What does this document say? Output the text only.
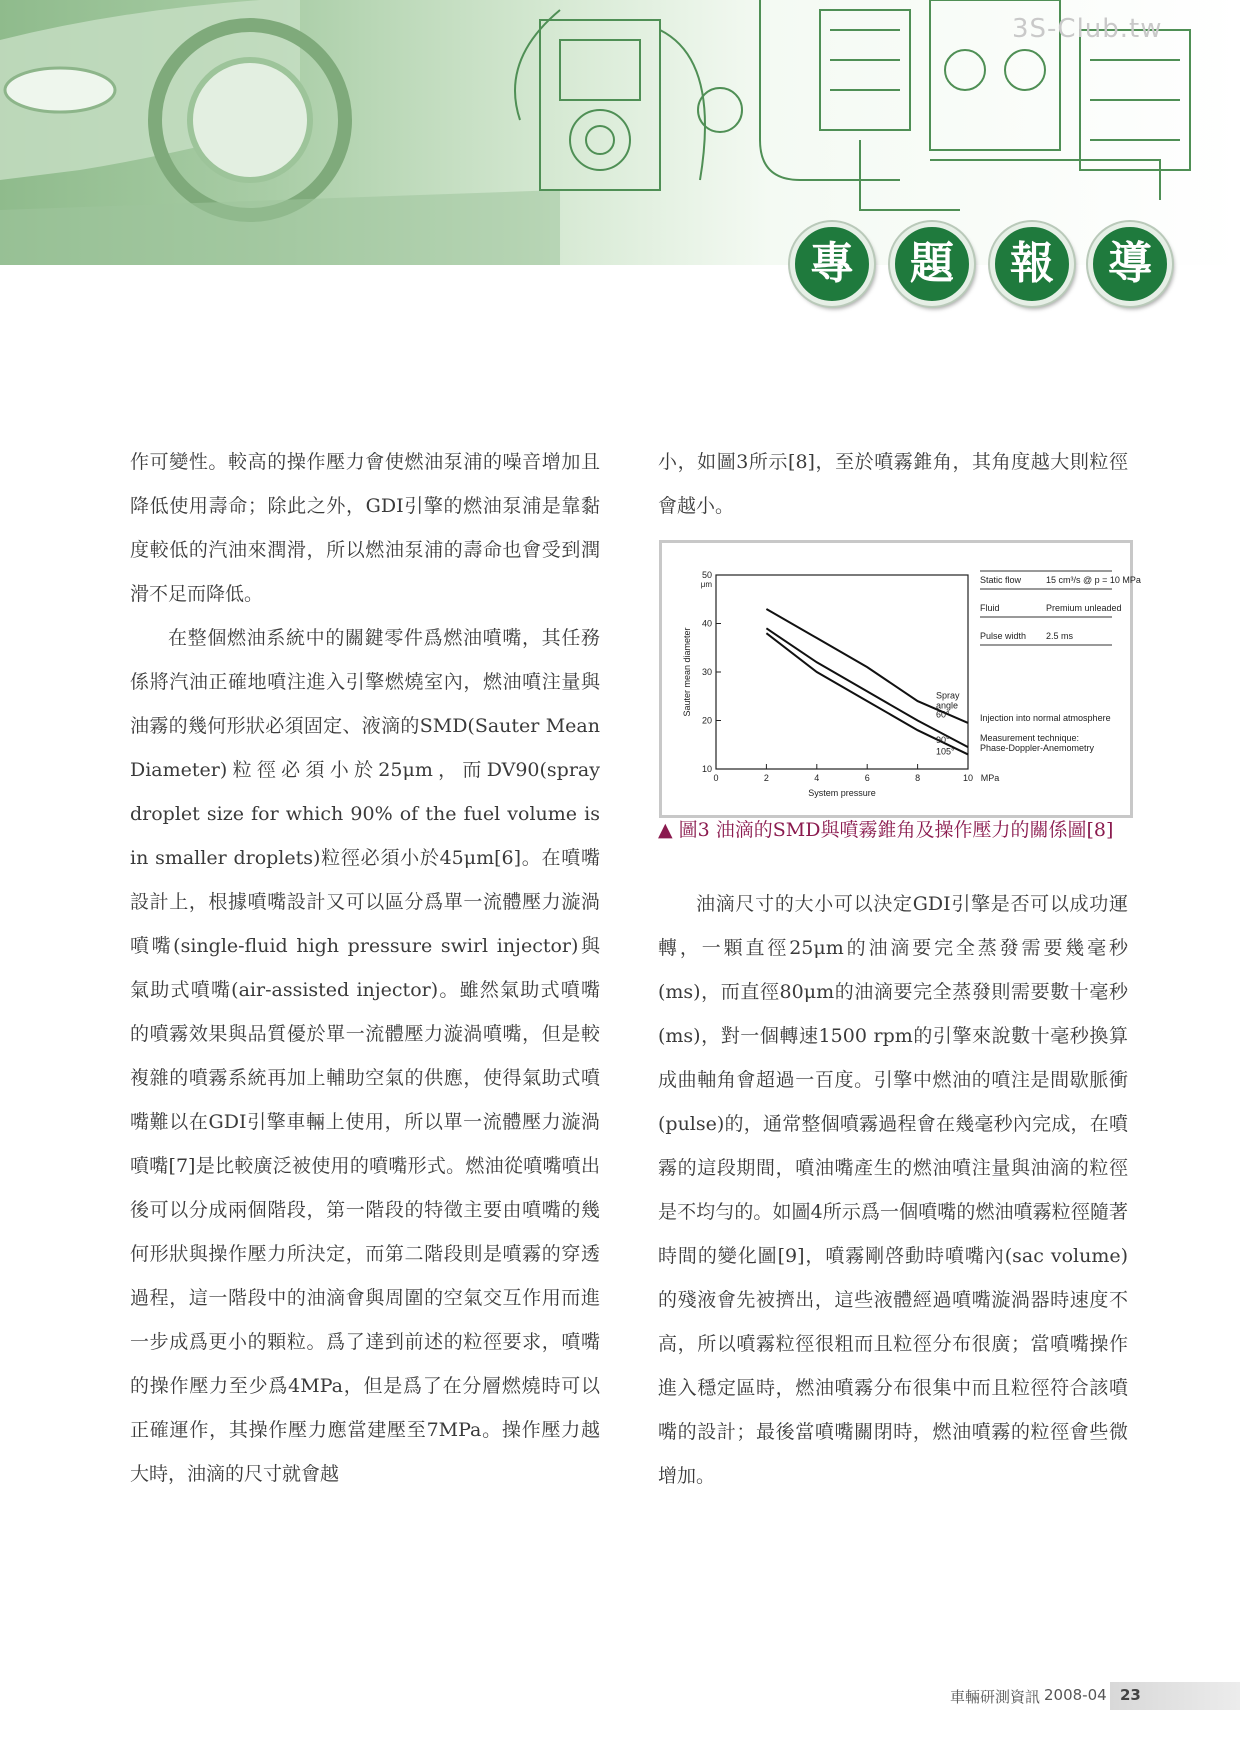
3S-Club.tw
專	題	報	導

作可變性。較高的操作壓力會使燃油泵浦的噪音增加且降低使用壽命；除此之外，GDI引擎的燃油泵浦是靠黏度較低的汽油來潤滑，所以燃油泵浦的壽命也會受到潤滑不足而降低。

在整個燃油系統中的關鍵零件爲燃油噴嘴，其任務係將汽油正確地噴注進入引擎燃燒室內，燃油噴注量與油霧的幾何形狀必須固定、液滴的SMD(Sauter Mean Diameter)粒徑必須小於25μm，而DV90(spray droplet size for which 90% of the fuel volume is in smaller droplets)粒徑必須小於45μm[6]。在噴嘴設計上，根據噴嘴設計又可以區分爲單一流體壓力漩渦噴嘴(single-fluid high pressure swirl injector)與氣助式噴嘴(air-assisted injector)。雖然氣助式噴嘴的噴霧效果與品質優於單一流體壓力漩渦噴嘴，但是較複雜的噴霧系統再加上輔助空氣的供應，使得氣助式噴嘴難以在GDI引擎車輛上使用，所以單一流體壓力漩渦噴嘴[7]是比較廣泛被使用的噴嘴形式。燃油從噴嘴噴出後可以分成兩個階段，第一階段的特徵主要由噴嘴的幾何形狀與操作壓力所決定，而第二階段則是噴霧的穿透過程，這一階段中的油滴會與周圍的空氣交互作用而進一步成爲更小的顆粒。爲了達到前述的粒徑要求，噴嘴的操作壓力至少爲4MPa，但是爲了在分層燃燒時可以正確運作，其操作壓力應當建壓至7MPa。操作壓力越大時，油滴的尺寸就會越

小，如圖3所示[8]，至於噴霧錐角，其角度越大則粒徑會越小。

0	2	4	6	8	10
10
20
30
40
50
μm
MPa
System pressure
Sauter mean diameter	Spray
angle
60°
90°
105°
Static flow	15 cm³/s @ p = 10 MPa
Fluid	Premium unleaded
Pulse width 2.5 ms
Injection into normal atmosphere
Measurement technique:
Phase-Doppler-Anemometry
▲ 圖3 油滴的SMD與噴霧錐角及操作壓力的關係圖[8]

油滴尺寸的大小可以決定GDI引擎是否可以成功運轉，一顆直徑25μm的油滴要完全蒸發需要幾毫秒(ms)，而直徑80μm的油滴要完全蒸發則需要數十毫秒(ms)，對一個轉速1500 rpm的引擎來說數十毫秒換算成曲軸角會超過一百度。引擎中燃油的噴注是間歇脈衝(pulse)的，通常整個噴霧過程會在幾毫秒內完成，在噴霧的這段期間，噴油嘴產生的燃油噴注量與油滴的粒徑是不均勻的。如圖4所示爲一個噴嘴的燃油噴霧粒徑隨著時間的變化圖[9]，噴霧剛啓動時噴嘴內(sac volume)的殘液會先被擠出，這些液體經過噴嘴漩渦器時速度不高，所以噴霧粒徑很粗而且粒徑分布很廣；當噴嘴操作進入穩定區時，燃油噴霧分布很集中而且粒徑符合該噴嘴的設計；最後當噴嘴關閉時，燃油噴霧的粒徑會些微增加。

車輛研測資訊 2008-04 23
